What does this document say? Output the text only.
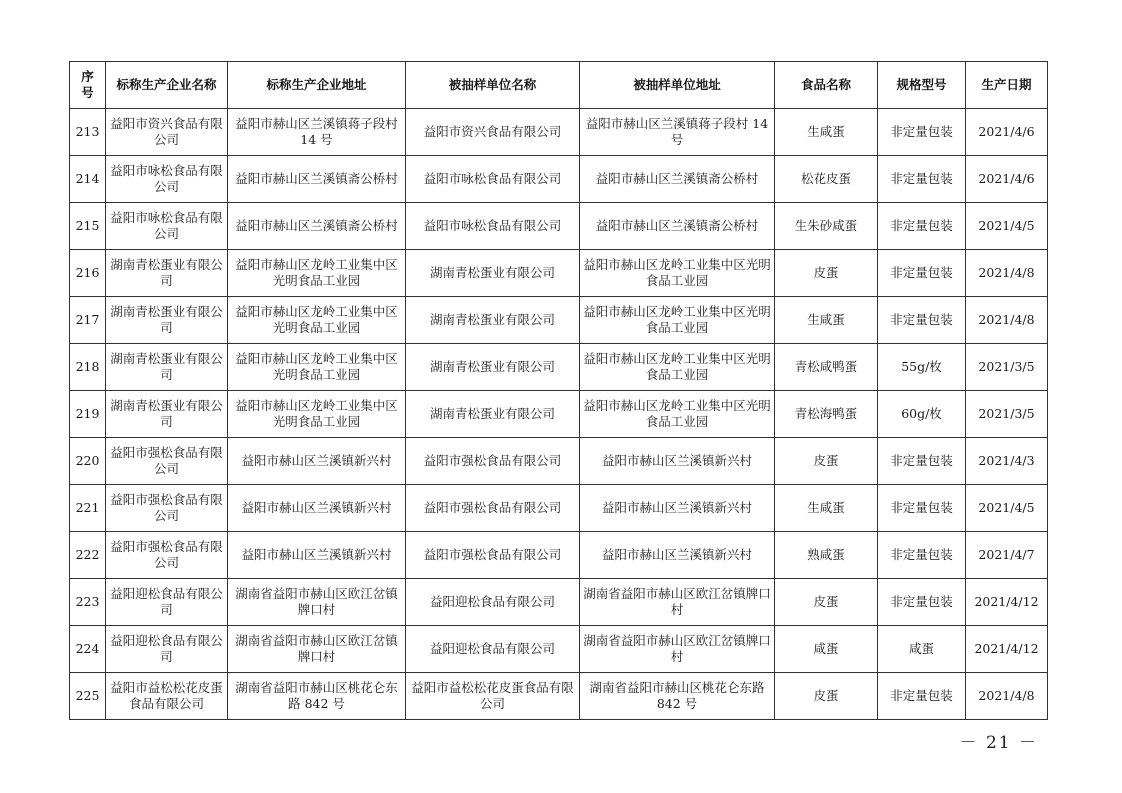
序号	标称生产企业名称	标称生产企业地址	被抽样单位名称	被抽样单位地址	食品名称	规格型号	生产日期
213	益阳市资兴食品有限公司	益阳市赫山区兰溪镇蒋子段村 14 号	益阳市资兴食品有限公司	益阳市赫山区兰溪镇蒋子段村 14 号	生咸蛋	非定量包装	2021/4/6
214	益阳市咏松食品有限公司	益阳市赫山区兰溪镇斋公桥村	益阳市咏松食品有限公司	益阳市赫山区兰溪镇斋公桥村	松花皮蛋	非定量包装	2021/4/6
215	益阳市咏松食品有限公司	益阳市赫山区兰溪镇斋公桥村	益阳市咏松食品有限公司	益阳市赫山区兰溪镇斋公桥村	生朱砂咸蛋	非定量包装	2021/4/5
216	湖南青松蛋业有限公司	益阳市赫山区龙岭工业集中区光明食品工业园	湖南青松蛋业有限公司	益阳市赫山区龙岭工业集中区光明食品工业园	皮蛋	非定量包装	2021/4/8
217	湖南青松蛋业有限公司	益阳市赫山区龙岭工业集中区光明食品工业园	湖南青松蛋业有限公司	益阳市赫山区龙岭工业集中区光明食品工业园	生咸蛋	非定量包装	2021/4/8
218	湖南青松蛋业有限公司	益阳市赫山区龙岭工业集中区光明食品工业园	湖南青松蛋业有限公司	益阳市赫山区龙岭工业集中区光明食品工业园	青松咸鸭蛋	55g/枚	2021/3/5
219	湖南青松蛋业有限公司	益阳市赫山区龙岭工业集中区光明食品工业园	湖南青松蛋业有限公司	益阳市赫山区龙岭工业集中区光明食品工业园	青松海鸭蛋	60g/枚	2021/3/5
220	益阳市强松食品有限公司	益阳市赫山区兰溪镇新兴村	益阳市强松食品有限公司	益阳市赫山区兰溪镇新兴村	皮蛋	非定量包装	2021/4/3
221	益阳市强松食品有限公司	益阳市赫山区兰溪镇新兴村	益阳市强松食品有限公司	益阳市赫山区兰溪镇新兴村	生咸蛋	非定量包装	2021/4/5
222	益阳市强松食品有限公司	益阳市赫山区兰溪镇新兴村	益阳市强松食品有限公司	益阳市赫山区兰溪镇新兴村	熟咸蛋	非定量包装	2021/4/7
223	益阳迎松食品有限公司	湖南省益阳市赫山区欧江岔镇牌口村	益阳迎松食品有限公司	湖南省益阳市赫山区欧江岔镇牌口村	皮蛋	非定量包装	2021/4/12
224	益阳迎松食品有限公司	湖南省益阳市赫山区欧江岔镇牌口村	益阳迎松食品有限公司	湖南省益阳市赫山区欧江岔镇牌口村	咸蛋	咸蛋	2021/4/12
225	益阳市益松松花皮蛋食品有限公司	湖南省益阳市赫山区桃花仑东路 842 号	益阳市益松松花皮蛋食品有限公司	湖南省益阳市赫山区桃花仑东路 842 号	皮蛋	非定量包装	2021/4/8
－ 21 －
